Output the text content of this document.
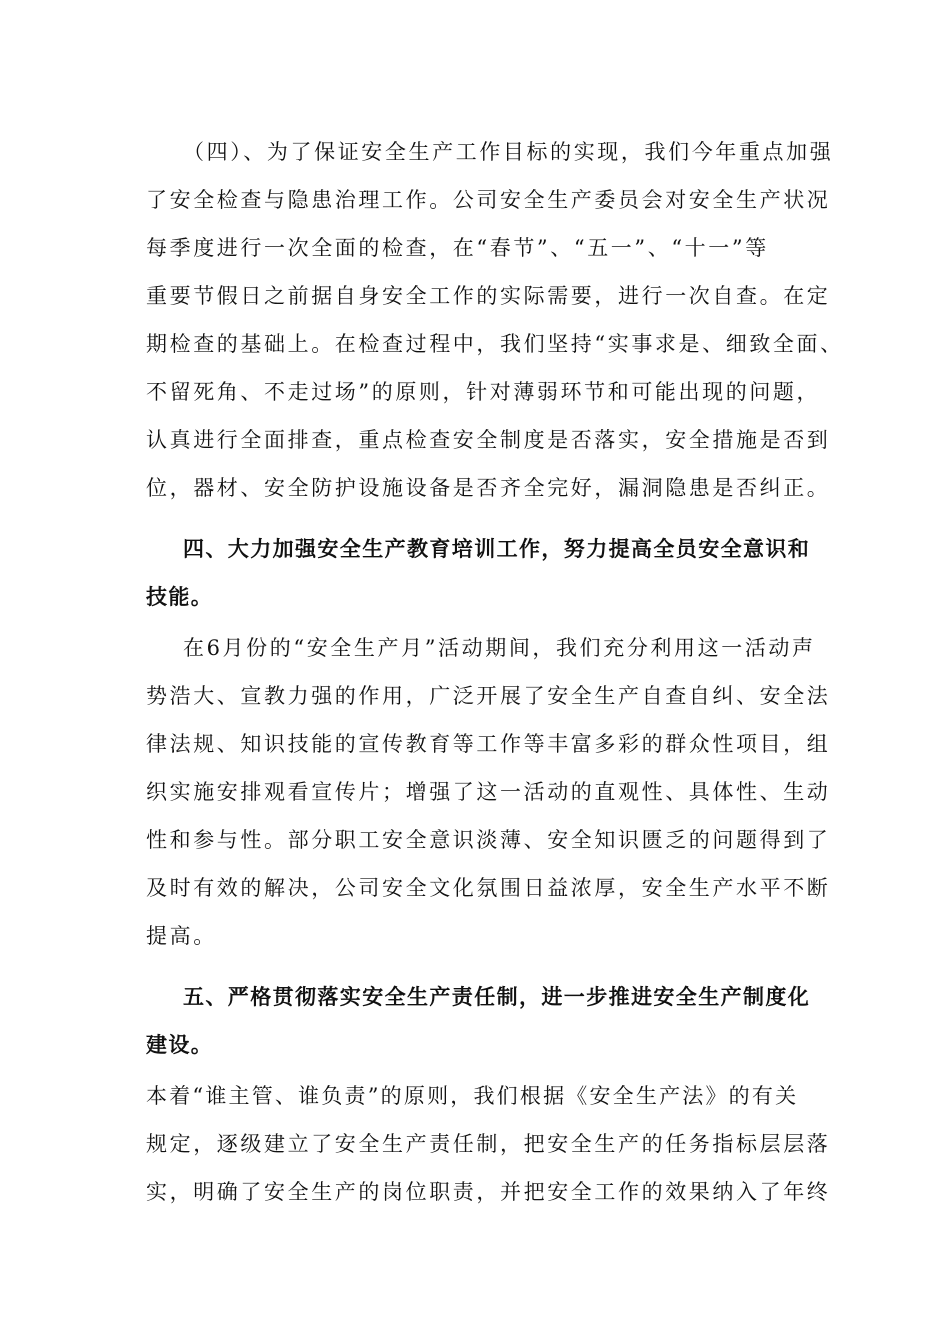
（四）、为了保证安全生产工作目标的实现，我们今年重点加强
了安全检查与隐患治理工作。公司安全生产委员会对安全生产状况
每季度进行一次全面的检查，在“春节”、“五一”、“十一”等
重要节假日之前据自身安全工作的实际需要，进行一次自查。在定
期检查的基础上。在检查过程中，我们坚持“实事求是、细致全面、
不留死角、不走过场”的原则，针对薄弱环节和可能出现的问题，
认真进行全面排查，重点检查安全制度是否落实，安全措施是否到
位，器材、安全防护设施设备是否齐全完好，漏洞隐患是否纠正。
四、大力加强安全生产教育培训工作，努力提高全员安全意识和
技能。
在6月份的“安全生产月”活动期间，我们充分利用这一活动声
势浩大、宣教力强的作用，广泛开展了安全生产自查自纠、安全法
律法规、知识技能的宣传教育等工作等丰富多彩的群众性项目，组
织实施安排观看宣传片；增强了这一活动的直观性、具体性、生动
性和参与性。部分职工安全意识淡薄、安全知识匮乏的问题得到了
及时有效的解决，公司安全文化氛围日益浓厚，安全生产水平不断
提高。
五、严格贯彻落实安全生产责任制，进一步推进安全生产制度化
建设。
本着“谁主管、谁负责”的原则，我们根据《安全生产法》的有关
规定，逐级建立了安全生产责任制，把安全生产的任务指标层层落
实，明确了安全生产的岗位职责，并把安全工作的效果纳入了年终
